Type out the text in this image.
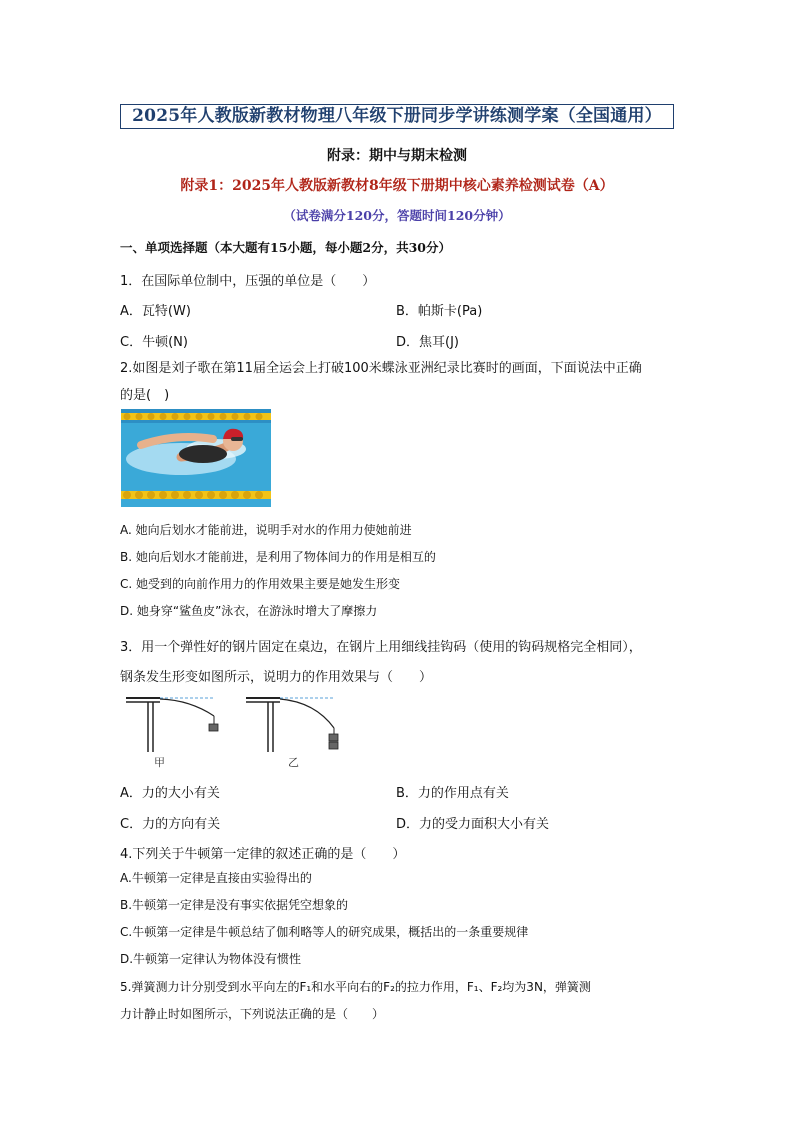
2025年人教版新教材物理八年级下册同步学讲练测学案（全国通用）
附录：期中与期末检测
附录1：2025年人教版新教材8年级下册期中核心素养检测试卷（A）
（试卷满分120分，答题时间120分钟）
一、单项选择题（本大题有15小题，每小题2分，共30分）
1．在国际单位制中，压强的单位是（　　）
A．瓦特(W)	B．帕斯卡(Pa)
C．牛顿(N)	D．焦耳(J)
2.如图是刘子歌在第11届全运会上打破100米蝶泳亚洲纪录比赛时的画面，下面说法中正确
的是(　)
A. 她向后划水才能前进，说明手对水的作用力使她前进
B. 她向后划水才能前进，是利用了物体间力的作用是相互的
C. 她受到的向前作用力的作用效果主要是她发生形变
D. 她身穿“鲨鱼皮”泳衣，在游泳时增大了摩擦力
3．用一个弹性好的钢片固定在桌边，在钢片上用细线挂钩码（使用的钩码规格完全相同），
钢条发生形变如图所示，说明力的作用效果与（　　）
甲	乙
A．力的大小有关	B．力的作用点有关
C．力的方向有关	D．力的受力面积大小有关
4.下列关于牛顿第一定律的叙述正确的是（　　）
A.牛顿第一定律是直接由实验得出的
B.牛顿第一定律是没有事实依据凭空想象的
C.牛顿第一定律是牛顿总结了伽利略等人的研究成果，概括出的一条重要规律
D.牛顿第一定律认为物体没有惯性
5.弹簧测力计分别受到水平向左的F₁和水平向右的F₂的拉力作用，F₁、F₂均为3N，弹簧测
力计静止时如图所示，下列说法正确的是（　　）
